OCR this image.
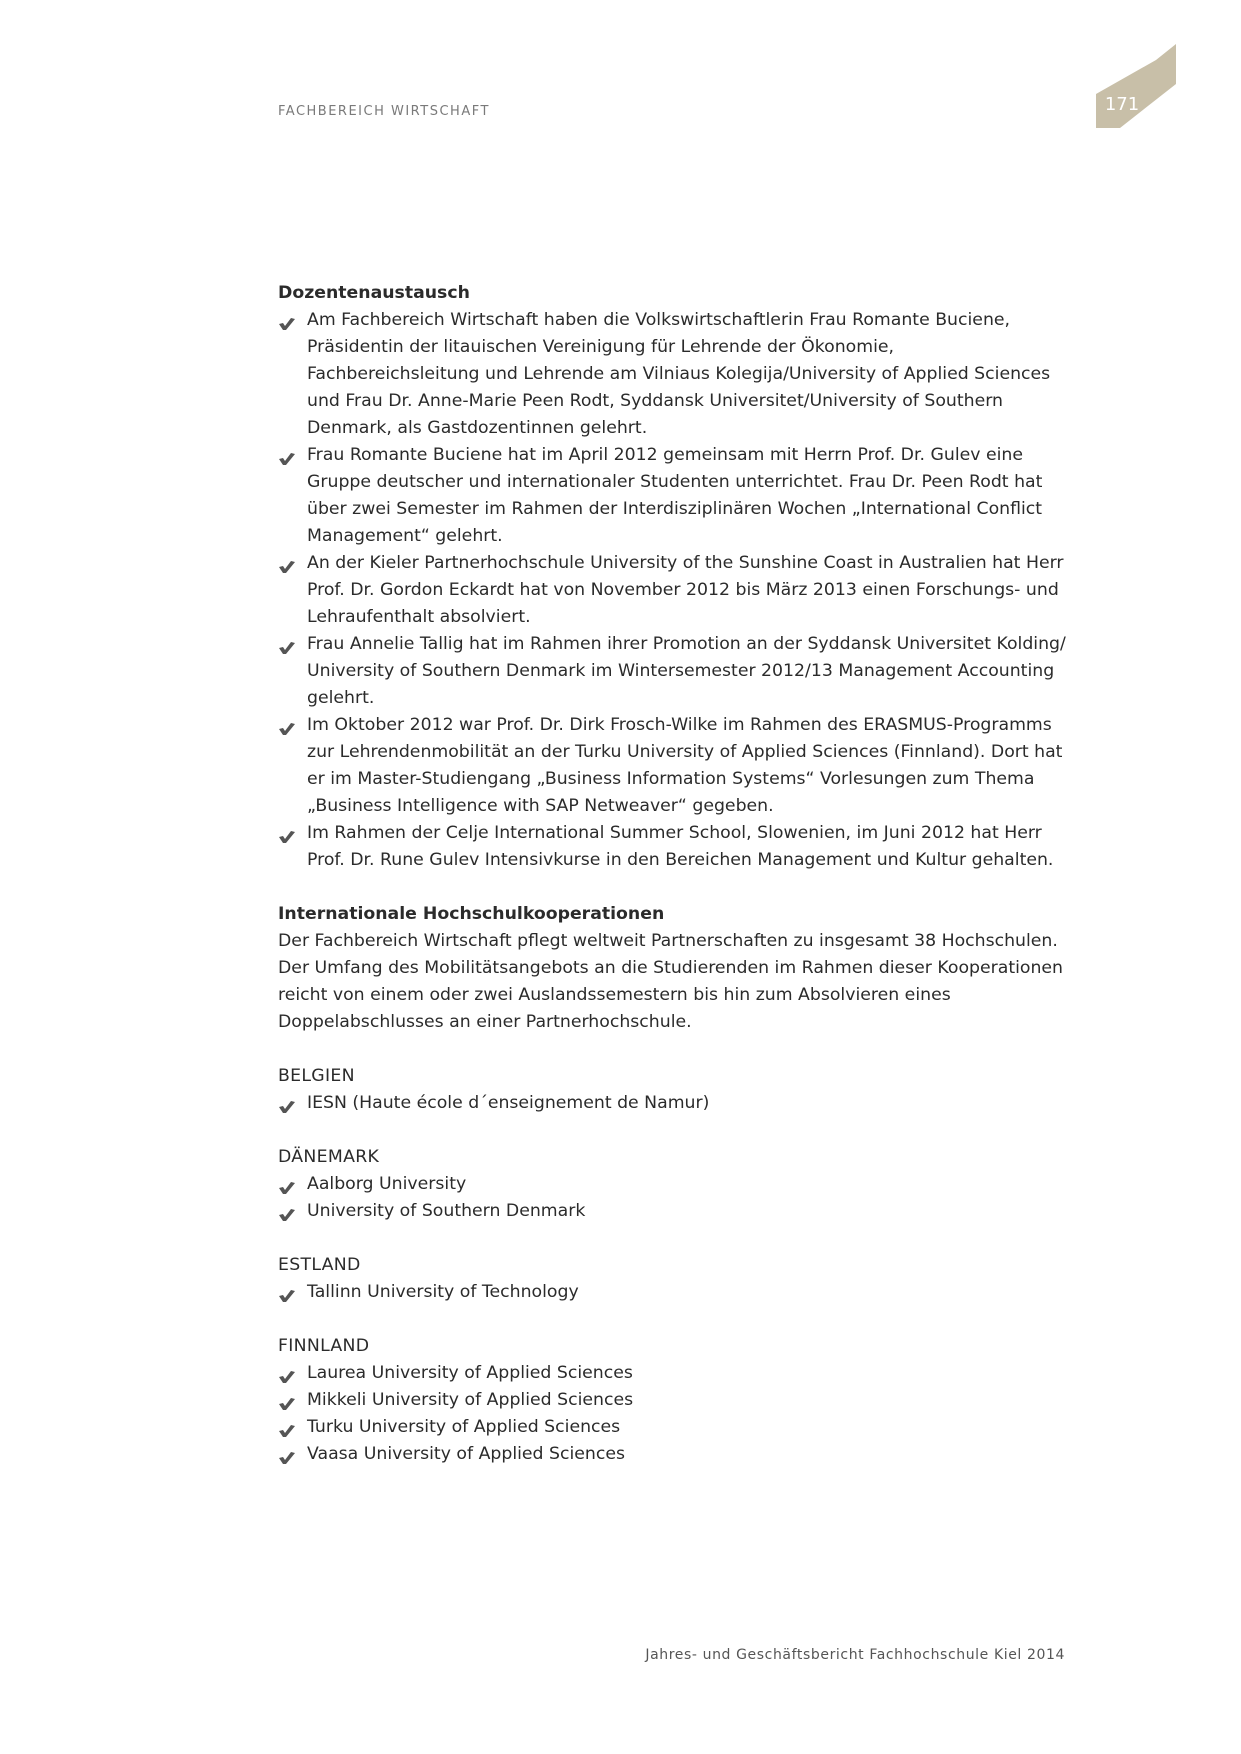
FACHBEREICH WIRTSCHAFT	171

Dozentenaustausch

Am Fachbereich Wirtschaft haben die Volkswirtschaftlerin Frau Romante Buciene, Präsidentin der litauischen Vereinigung für Lehrende der Ökonomie, Fachbereichsleitung und Lehrende am Vilniaus Kolegija/University of Applied Sciences und Frau Dr. Anne-Marie Peen Rodt, Syddansk Universitet/University of Southern Denmark, als Gastdozentinnen gelehrt.
Frau Romante Buciene hat im April 2012 gemeinsam mit Herrn Prof. Dr. Gulev eine Gruppe deutscher und internationaler Studenten unterrichtet. Frau Dr. Peen Rodt hat über zwei Semester im Rahmen der Interdisziplinären Wochen „International Conflict Management“ gelehrt.
An der Kieler Partnerhochschule University of the Sunshine Coast in Australien hat Herr Prof. Dr. Gordon Eckardt hat von November 2012 bis März 2013 einen Forschungs- und Lehraufenthalt absolviert.
Frau Annelie Tallig hat im Rahmen ihrer Promotion an der Syddansk Universitet Kolding/ University of Southern Denmark im Wintersemester 2012/13 Management Accounting gelehrt.
Im Oktober 2012 war Prof. Dr. Dirk Frosch-Wilke im Rahmen des ERASMUS-Programms zur Lehrendenmobilität an der Turku University of Applied Sciences (Finnland). Dort hat er im Master-Studiengang „Business Information Systems“ Vorlesungen zum Thema „Business Intelligence with SAP Netweaver“ gegeben.
Im Rahmen der Celje International Summer School, Slowenien, im Juni 2012 hat Herr Prof. Dr. Rune Gulev Intensivkurse in den Bereichen Management und Kultur gehalten.

Internationale Hochschulkooperationen

Der Fachbereich Wirtschaft pflegt weltweit Partnerschaften zu insgesamt 38 Hochschulen. Der Umfang des Mobilitätsangebots an die Studierenden im Rahmen dieser Kooperationen reicht von einem oder zwei Auslandssemestern bis hin zum Absolvieren eines Doppelabschlusses an einer Partnerhochschule.

BELGIEN

IESN (Haute école d´enseignement de Namur)

DÄNEMARK

Aalborg University
University of Southern Denmark

ESTLAND

Tallinn University of Technology

FINNLAND

Laurea University of Applied Sciences
Mikkeli University of Applied Sciences
Turku University of Applied Sciences
Vaasa University of Applied Sciences
Jahres- und Geschäftsbericht Fachhochschule Kiel 2014
